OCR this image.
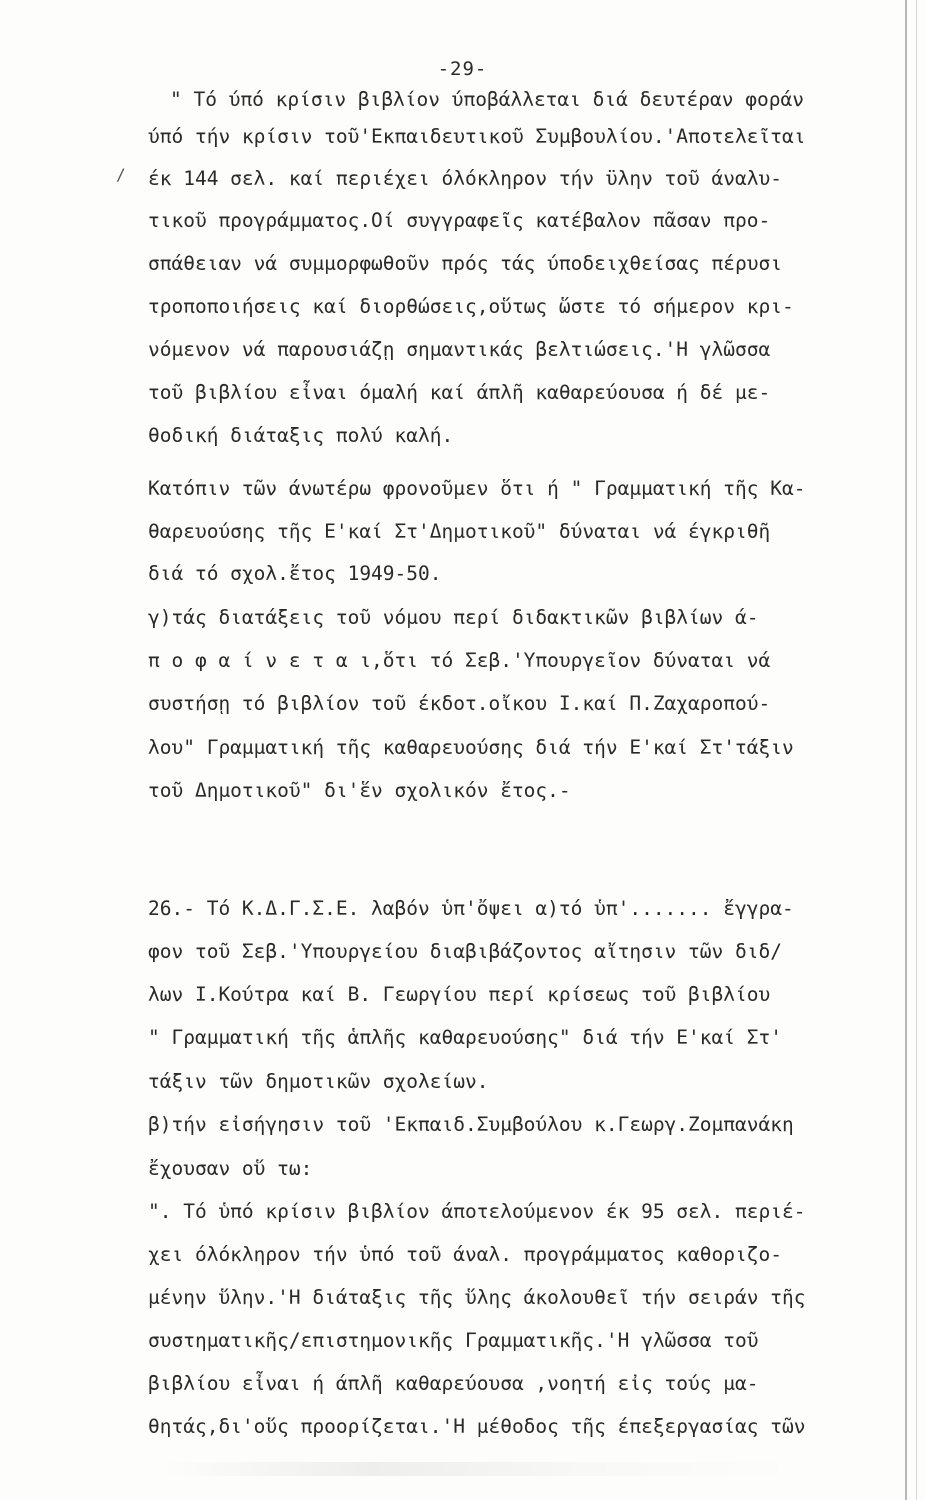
-29-
/
" Τό ύπό κρίσιν βιβλίον ύποβάλλεται διά δευτέραν φοράν
ύπό τήν κρίσιν τοῦ'Εκπαιδευτικοῦ Συμβουλίου.'Αποτελεῖται
έκ 144 σελ. καί περιέχει όλόκληρον τήν ϋλην τοῦ άναλυ-
τικοῦ προγράμματος.Οί συγγραφεῖς κατέβαλον πᾶσαν προ-
σπάθειαν νά συμμορφωθοῦν πρός τάς ύποδειχθείσας πέρυσι
τροποποιήσεις καί διορθώσεις,οὕτως ὥστε τό σήμερον κρι-
νόμενον νά παρουσιάζῃ σημαντικάς βελτιώσεις.'Η γλῶσσα
τοῦ βιβλίου εἶναι όμαλή καί άπλῆ καθαρεύουσα ή δέ με-
θοδική διάταξις πολύ καλή.
Κατόπιν τῶν άνωτέρω φρονοῦμεν ὅτι ή " Γραμματική τῆς Κα-
θαρευούσης τῆς Ε'καί Στ'Δημοτικοῦ" δύναται νά έγκριθῆ
διά τό σχολ.ἔτος 1949-50.
γ)τάς διατάξεις τοῦ νόμου περί διδακτικῶν βιβλίων ά-
π ο φ α ί ν ε τ α ι,ὅτι τό Σεβ.'Υπουργεῖον δύναται νά
συστήσῃ τό βιβλίον τοῦ έκδοτ.οἴκου Ι.καί Π.Ζαχαροπού-
λου" Γραμματική τῆς καθαρευούσης διά τήν Ε'καί Στ'τάξιν
τοῦ Δημοτικοῦ" δι'ἕν σχολικόν ἔτος.-
26.- Τό Κ.Δ.Γ.Σ.Ε. λαβόν ὑπ'ὄψει α)τό ὑπ'....... ἔγγρα-
φον τοῦ Σεβ.'Υπουργείου διαβιβάζοντος αἴτησιν τῶν διδ/
λων Ι.Κούτρα καί Β. Γεωργίου περί κρίσεως τοῦ βιβλίου
" Γραμματική τῆς ἁπλῆς καθαρευούσης" διά τήν Ε'καί Στ'
τάξιν τῶν δημοτικῶν σχολείων.
β)τήν εἰσήγησιν τοῦ 'Εκπαιδ.Συμβούλου κ.Γεωργ.Ζομπανάκη
ἔχουσαν οὕ τω:
". Τό ὑπό κρίσιν βιβλίον άποτελούμενον έκ 95 σελ. περιέ-
χει όλόκληρον τήν ὑπό τοῦ άναλ. προγράμματος καθοριζο-
μένην ὕλην.'Η διάταξις τῆς ὕλης άκολουθεῖ τήν σειράν τῆς
συστηματικῆς/επιστημονικῆς Γραμματικῆς.'Η γλῶσσα τοῦ
βιβλίου εἶναι ή άπλῆ καθαρεύουσα ,νοητή εἰς τούς μα-
θητάς,δι'οὕς προορίζεται.'Η μέθοδος τῆς έπεξεργασίας τῶν
